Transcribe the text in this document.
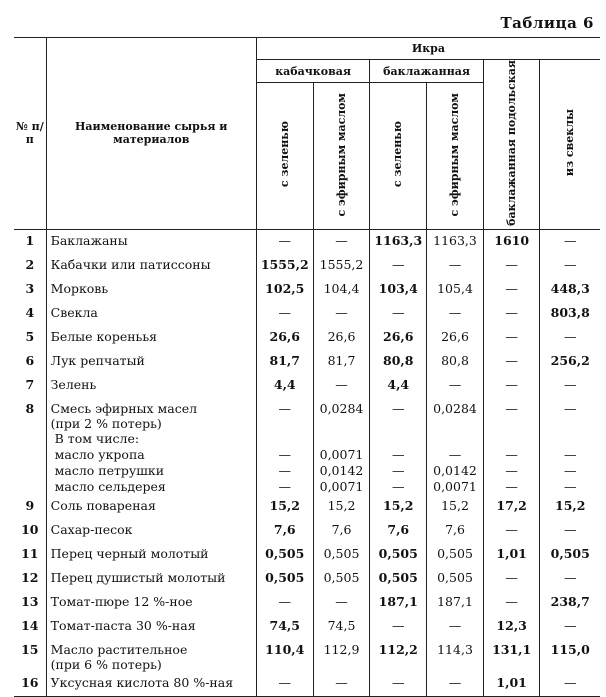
Таблица 6
№ п/п	Наименование сырья и материалов	Икра					
		кабачковая		баклажанная		баклажанная подольская	из свеклы
		с зеленью	с эфирным маслом	с зеленью	с эфирным маслом		
1	Баклажаны	—	—	1163,3	1163,3	1610	—
2	Кабачки или патиссоны	1555,2	1555,2	—	—	—	—
3	Морковь	102,5	104,4	103,4	105,4	—	448,3
4	Свекла	—	—	—	—	—	803,8
5	Белые кореньья	26,6	26,6	26,6	26,6	—	—
6	Лук репчатый	81,7	81,7	80,8	80,8	—	256,2
7	Зелень	4,4	—	4,4	—	—	—
8	Смесь эфирных масел
(при 2 % потерь)	—	0,0284	—	0,0284	—	—
	В том числе:						
	масло укропа	—	0,0071	—	—	—	—
	масло петрушки	—	0,0142	—	0,0142	—	—
	масло сельдерея	—	0,0071	—	0,0071	—	—
9	Соль повареная	15,2	15,2	15,2	15,2	17,2	15,2
10	Сахар-песок	7,6	7,6	7,6	7,6	—	—
11	Перец черный молотый	0,505	0,505	0,505	0,505	1,01	0,505
12	Перец душистый молотый	0,505	0,505	0,505	0,505	—	—
13	Томат-пюре 12 %-ное	—	—	187,1	187,1	—	238,7
14	Томат-паста 30 %-ная	74,5	74,5	—	—	12,3	—
15	Масло растительное
(при 6 % потерь)	110,4	112,9	112,2	114,3	131,1	115,0
16	Уксусная кислота 80 %-ная	—	—	—	—	1,01	—
